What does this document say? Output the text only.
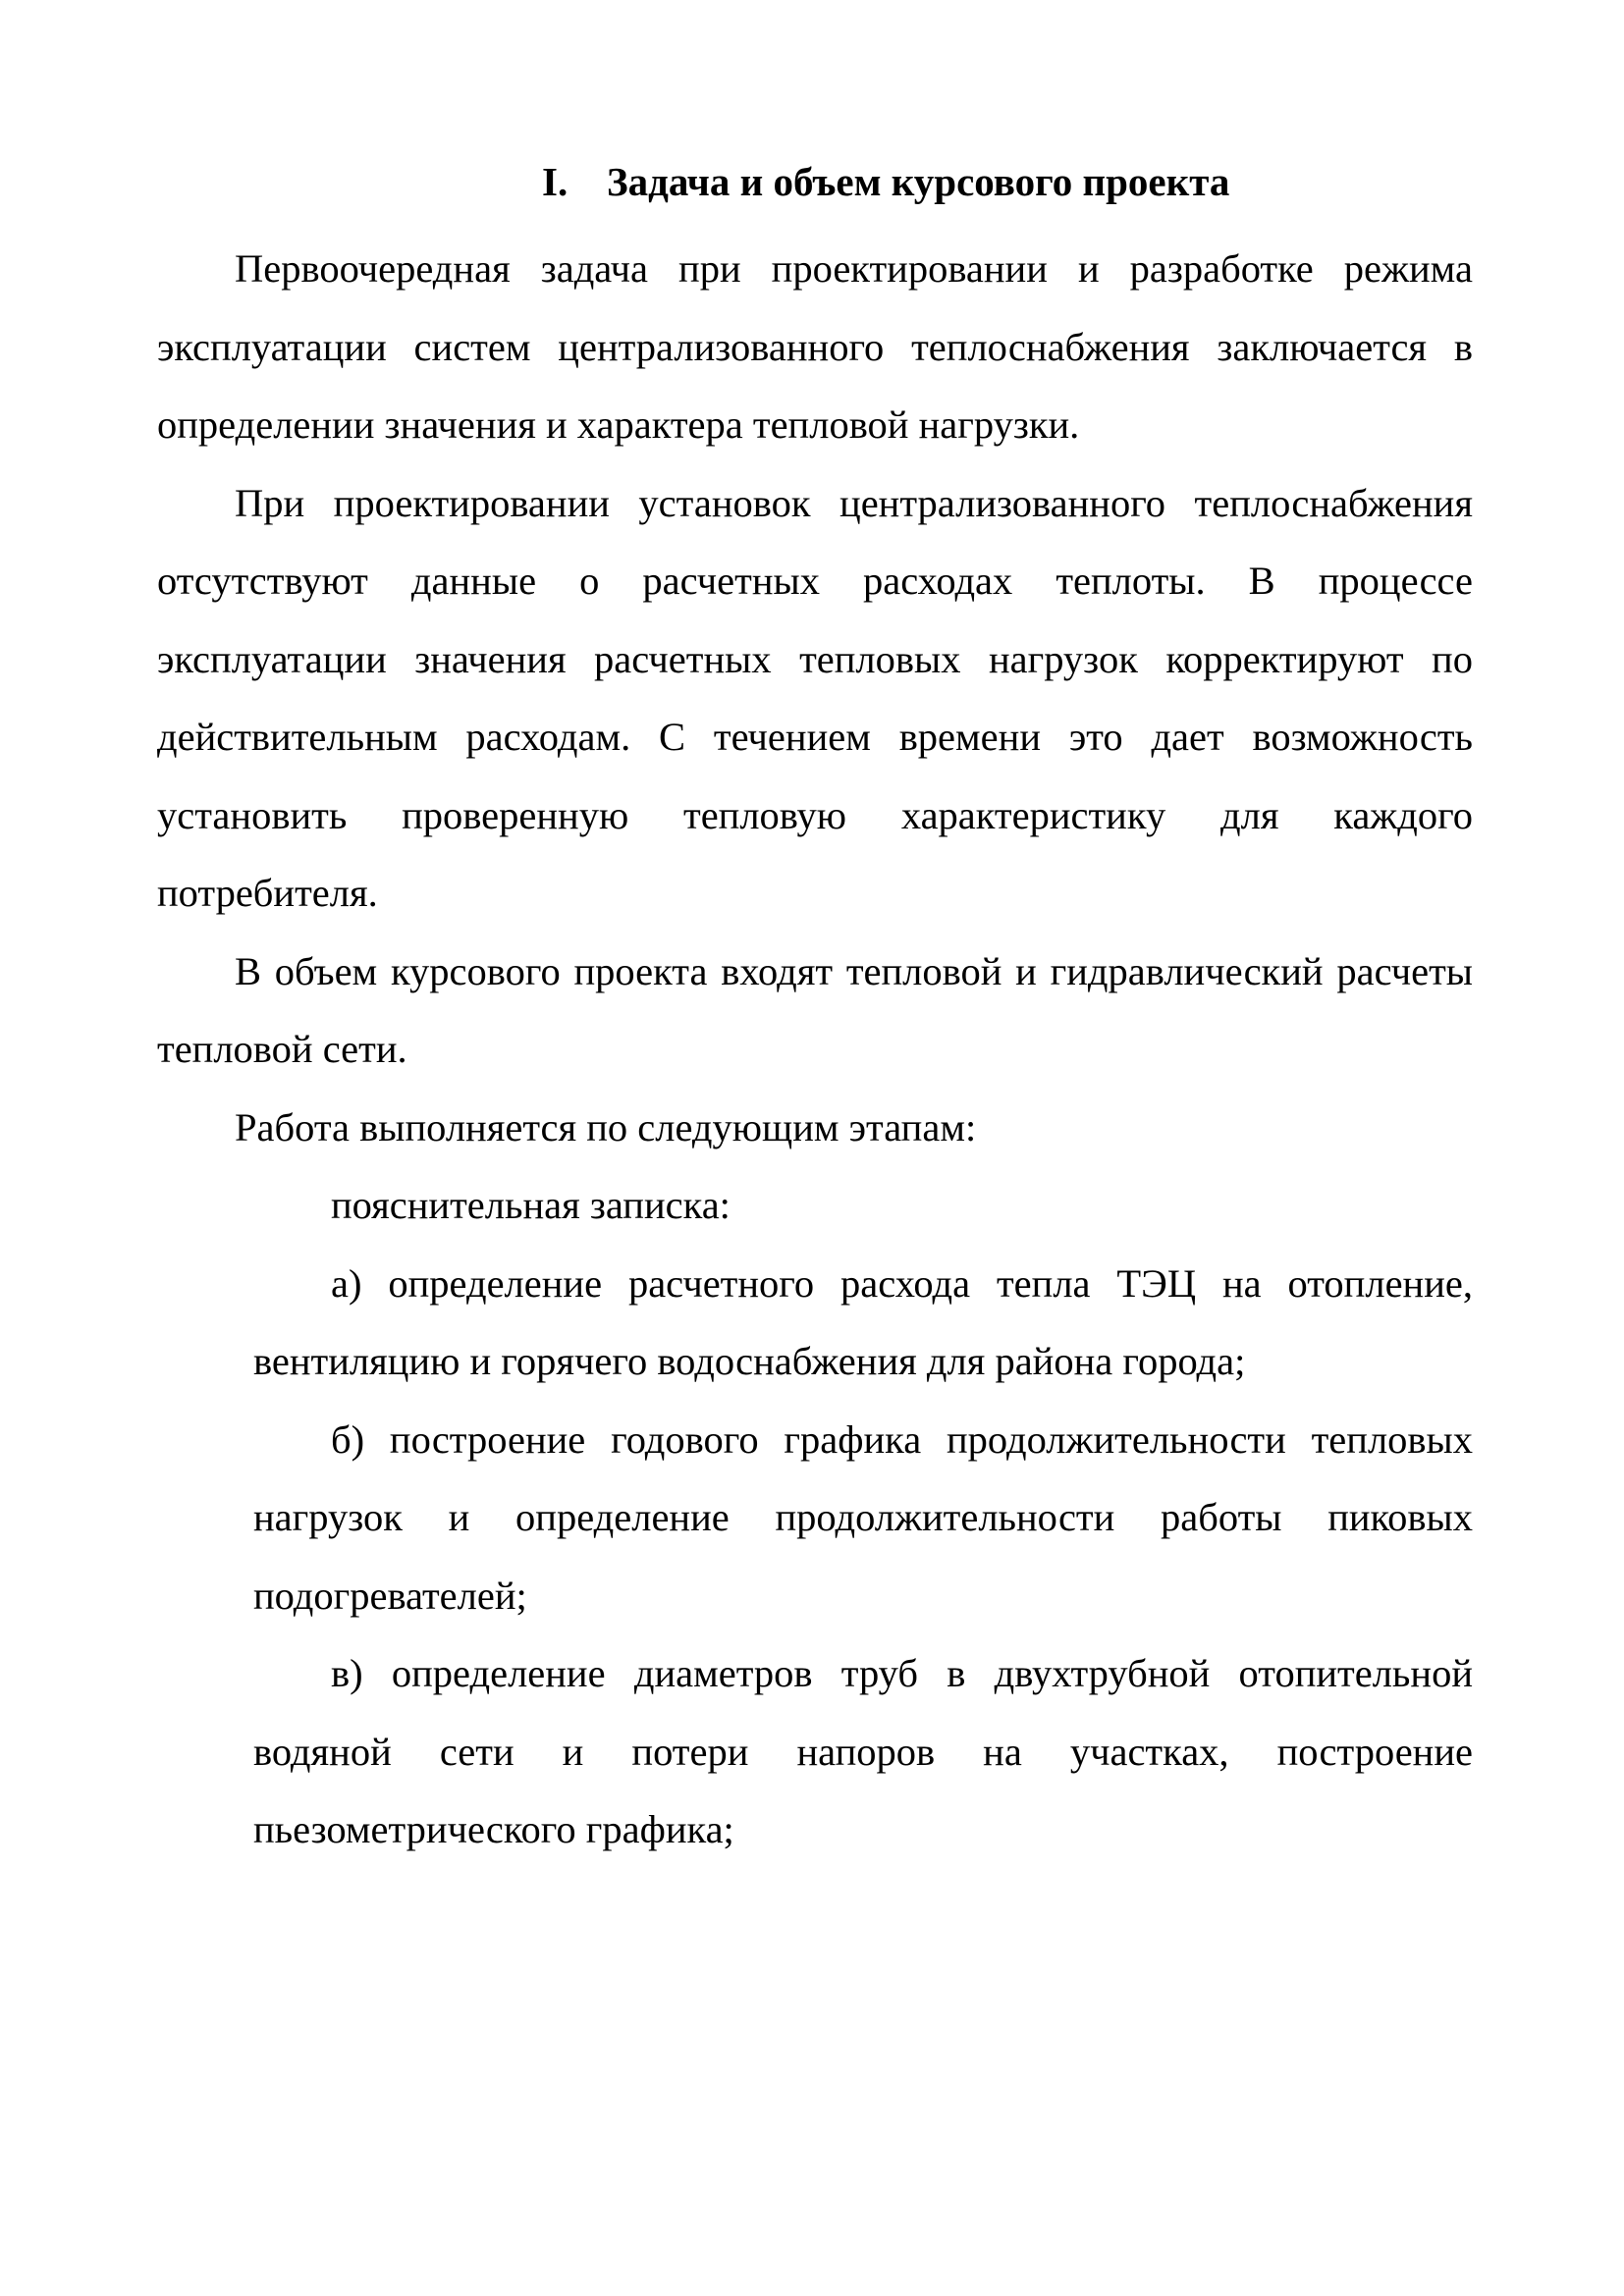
I. Задача и объем курсового проекта

Первоочередная задача при проектировании и разработке режима эксплуатации систем централизованного теплоснабжения заключается в определении значения и характера тепловой нагрузки.

При проектировании установок централизованного теплоснабжения отсутствуют данные о расчетных расходах теплоты. В процессе эксплуатации значения расчетных тепловых нагрузок корректируют по действительным расходам. С течением времени это дает возможность установить проверенную тепловую характеристику для каждого потребителя.

В объем курсового проекта входят тепловой и гидравлический расчеты тепловой сети.

Работа выполняется по следующим этапам:

пояснительная записка:

а) определение расчетного расхода тепла ТЭЦ на отопление, вентиляцию и горячего водоснабжения для района города;

б) построение годового графика продолжительности тепловых нагрузок и определение продолжительности работы пиковых подогревателей;

в) определение диаметров труб в двухтрубной отопительной водяной сети и потери напоров на участках, построение пьезометрического графика;
